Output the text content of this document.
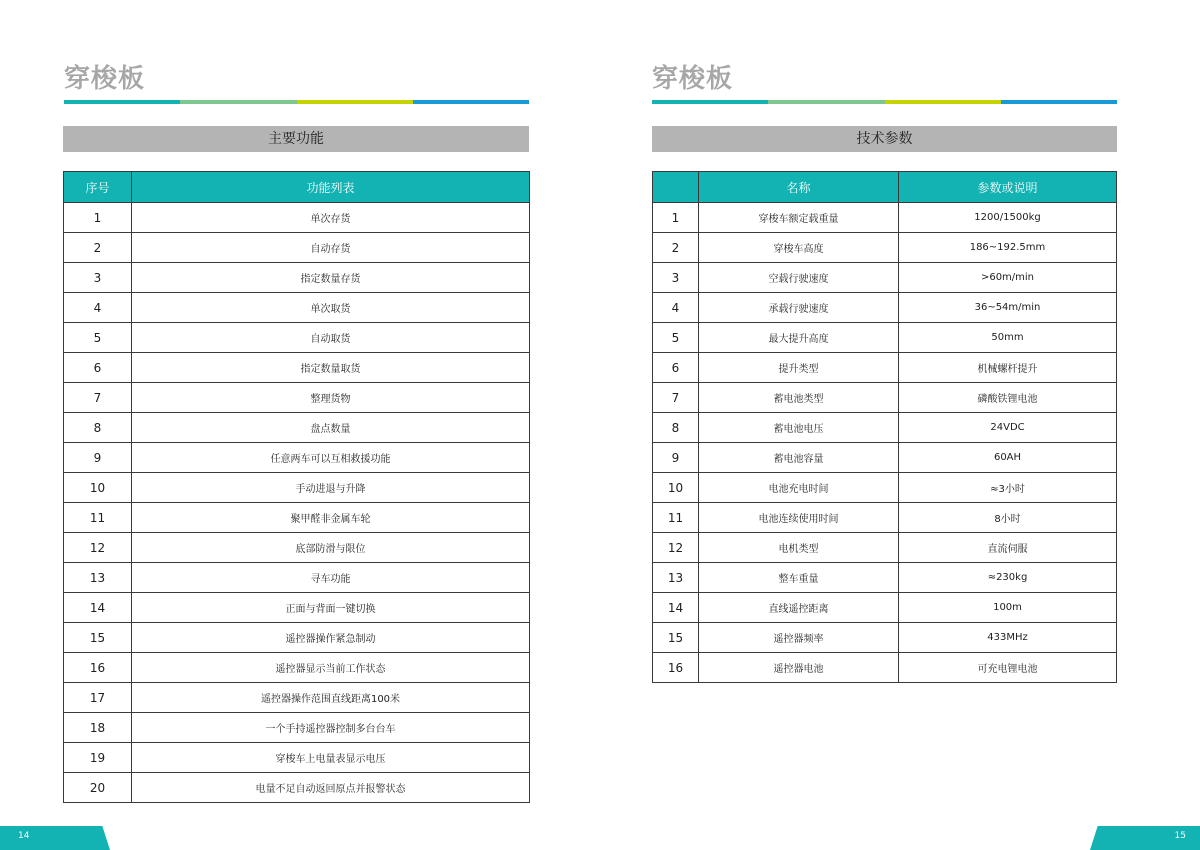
穿梭板
主要功能
序号	功能列表
1	单次存货
2	自动存货
3	指定数量存货
4	单次取货
5	自动取货
6	指定数量取货
7	整理货物
8	盘点数量
9	任意两车可以互相救援功能
10	手动进退与升降
11	聚甲醛非金属车轮
12	底部防滑与限位
13	寻车功能
14	正面与背面一键切换
15	遥控器操作紧急制动
16	遥控器显示当前工作状态
17	遥控器操作范围直线距离100米
18	一个手持遥控器控制多台台车
19	穿梭车上电量表显示电压
20	电量不足自动返回原点并报警状态
14
穿梭板
技术参数
	名称	参数或说明
1	穿梭车额定载重量	1200/1500kg
2	穿梭车高度	186~192.5mm
3	空载行驶速度	>60m/min
4	承载行驶速度	36~54m/min
5	最大提升高度	50mm
6	提升类型	机械螺杆提升
7	蓄电池类型	磷酸铁锂电池
8	蓄电池电压	24VDC
9	蓄电池容量	60AH
10	电池充电时间	≈3小时
11	电池连续使用时间	8小时
12	电机类型	直流伺服
13	整车重量	≈230kg
14	直线遥控距离	100m
15	遥控器频率	433MHz
16	遥控器电池	可充电锂电池
15
